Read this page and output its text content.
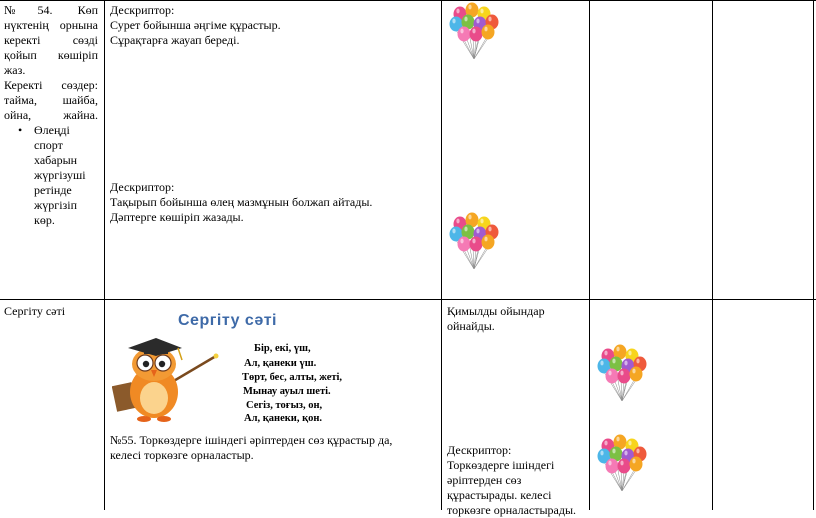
№54. Көп нүктенің орнына керекті сөзді қойып көшіріп жаз.

Керекті сөздер:

тайма, шайба, ойна, жайна.

• Өлеңді
спорт
хабарын
жүргізуші
ретінде
жүргізіп
көр.

Дескриптор:

Сурет бойынша әңгіме құрастыр.

Сұрақтарға жауап береді.

Дескриптор:

Тақырып бойынша өлең мазмұнын болжап айтады.

Дәптерге көшіріп жазады.

Сергіту сәті
Сергіту сәті
Бір, екі, үш,
Ал, қанеки үш.
Төрт, бес, алты, жеті,
Мынау ауыл шеті.
Сегіз, тоғыз, он,
Ал, қанеки, қон.

№55. Торкөздерге ішіндегі әріптерден сөз құрастыр да,

келесі торкөзге орналастыр.

Қимылды ойындар

ойнайды.

Дескриптор:

Торкөздерге ішіндегі

әріптерден сөз

құрастырады. келесі

торкөзге орналастырады.
